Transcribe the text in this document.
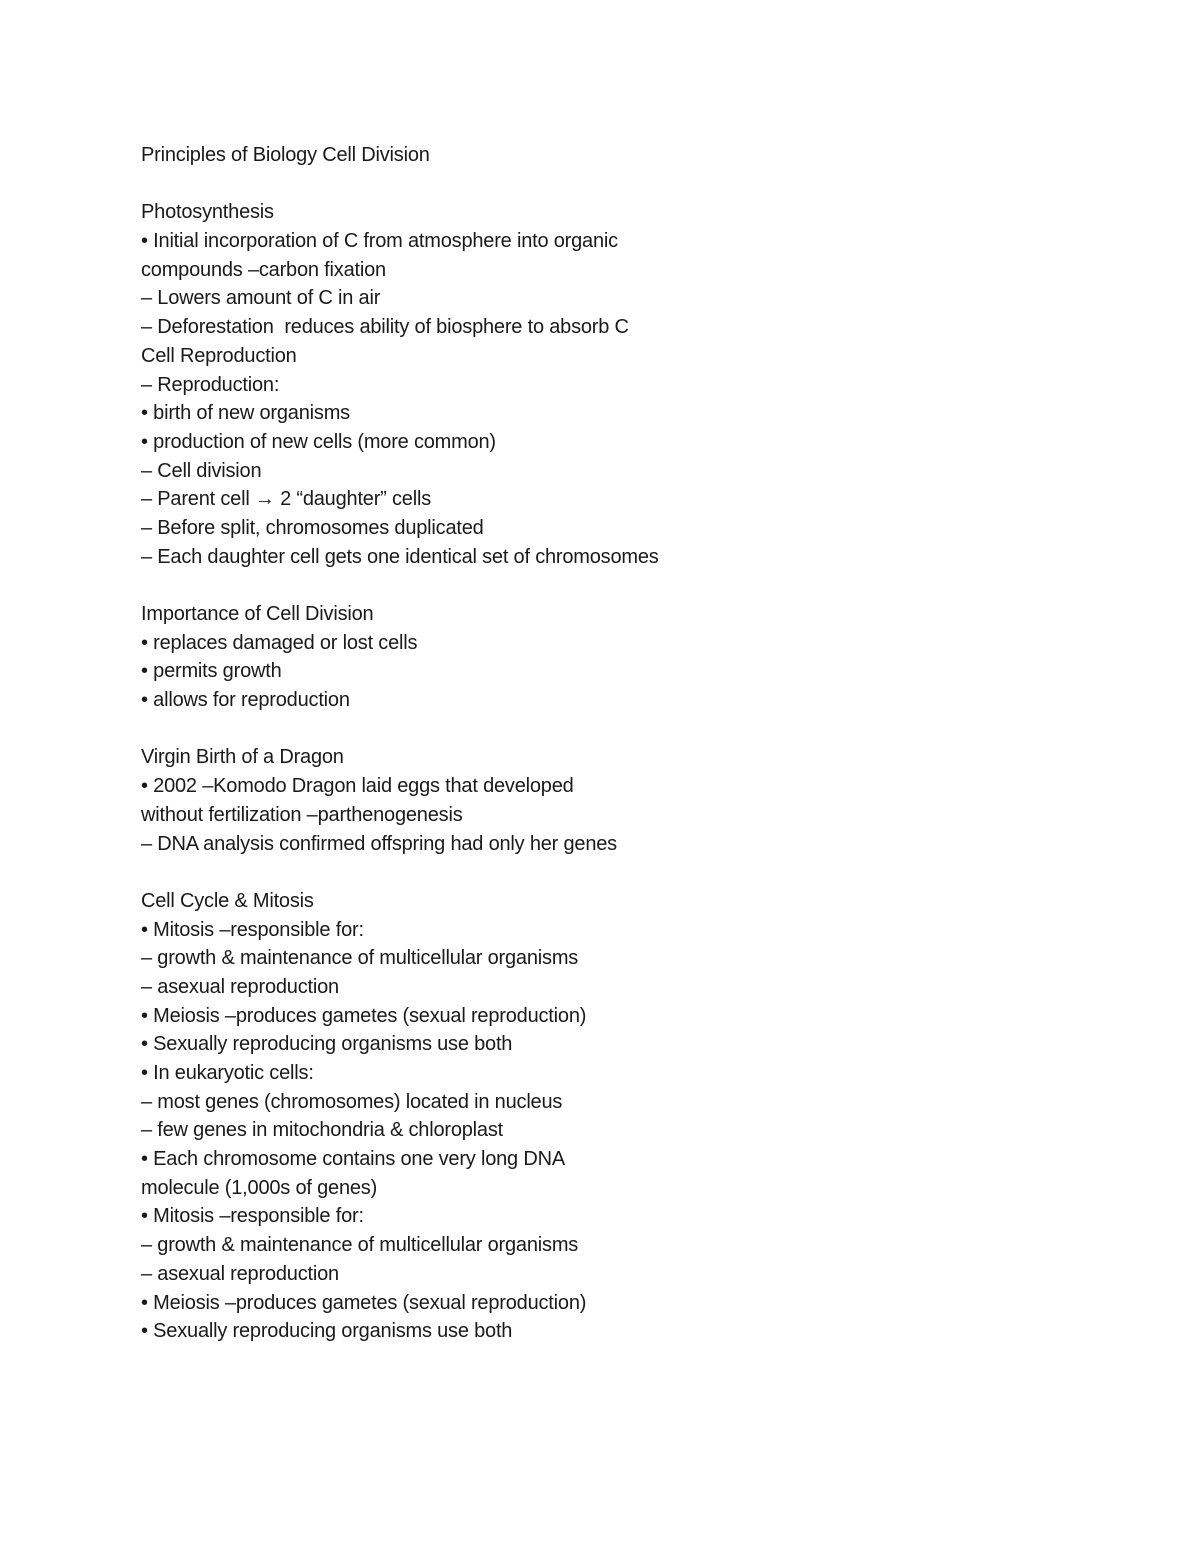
Principles of Biology Cell Division
Photosynthesis
• Initial incorporation of C from atmosphere into organic
compounds –carbon fixation
– Lowers amount of C in air
– Deforestation  reduces ability of biosphere to absorb C
Cell Reproduction
– Reproduction:
• birth of new organisms
• production of new cells (more common)
– Cell division
– Parent cell → 2 “daughter” cells
– Before split, chromosomes duplicated
– Each daughter cell gets one identical set of chromosomes
Importance of Cell Division
• replaces damaged or lost cells
• permits growth
• allows for reproduction
Virgin Birth of a Dragon
• 2002 –Komodo Dragon laid eggs that developed
without fertilization –parthenogenesis
– DNA analysis confirmed offspring had only her genes
Cell Cycle & Mitosis
• Mitosis –responsible for:
– growth & maintenance of multicellular organisms
– asexual reproduction
• Meiosis –produces gametes (sexual reproduction)
• Sexually reproducing organisms use both
• In eukaryotic cells:
– most genes (chromosomes) located in nucleus
– few genes in mitochondria & chloroplast
• Each chromosome contains one very long DNA
molecule (1,000s of genes)
• Mitosis –responsible for:
– growth & maintenance of multicellular organisms
– asexual reproduction
• Meiosis –produces gametes (sexual reproduction)
• Sexually reproducing organisms use both
